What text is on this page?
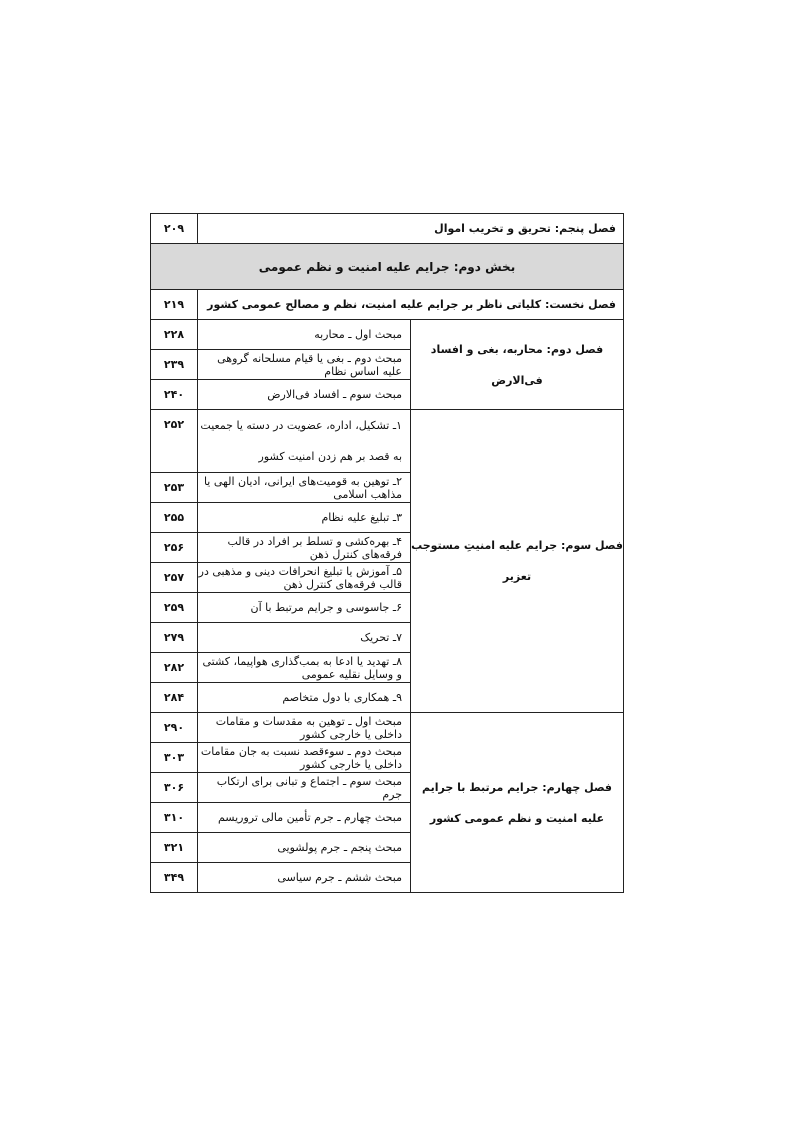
فصل پنجم: تحریق و تخریب اموال		۲۰۹
بخش دوم: جرایم علیه امنیت و نظم عمومی		
فصل نخست: کلیاتی ناظر بر جرایم علیه امنیت، نظم و مصالح عمومی کشور		۲۱۹
فصل دوم: محاربه، بغی و افساد فی‌الارض	مبحث اول ـ محاربه	۲۲۸
	مبحث دوم ـ بغی یا قیام مسلحانه گروهی علیه اساس نظام	۲۳۹
	مبحث سوم ـ افساد فی‌الارض	۲۴۰
فصل سوم: جرایم علیه امنیتِ مستوجب تعزیر	۱ـ تشکیل، اداره، عضویت در دسته یا جمعیت به قصد بر هم زدن امنیت کشور	۲۵۲
	۲ـ توهین به قومیت‌های ایرانی، ادیان الهی یا مذاهب اسلامی	۲۵۳
	۳ـ تبلیغ علیه نظام	۲۵۵
	۴ـ بهره‌کشی و تسلط بر افراد در قالب فرقه‌های کنترل ذهن	۲۵۶
	۵ـ آموزش یا تبلیغ انحرافات دینی و مذهبی در قالب فرقه‌های کنترل ذهن	۲۵۷
	۶ـ جاسوسی و جرایم مرتبط با آن	۲۵۹
	۷ـ تحریک	۲۷۹
	۸ـ تهدید یا ادعا به بمب‌گذاری هواپیما، کشتی و وسایل نقلیه عمومی	۲۸۲
	۹ـ همکاری با دول متخاصم	۲۸۴
فصل چهارم: جرایم مرتبط با جرایم علیه امنیت و نظم عمومی کشور	مبحث اول ـ توهین به مقدسات و مقامات داخلی یا خارجی کشور	۲۹۰
	مبحث دوم ـ سوءقصد نسبت به جان مقامات داخلی یا خارجی کشور	۳۰۳
	مبحث سوم ـ اجتماع و تبانی برای ارتکاب جرم	۳۰۶
	مبحث چهارم ـ جرم تأمین مالی تروریسم	۳۱۰
	مبحث پنجم ـ جرم پولشویی	۳۲۱
	مبحث ششم ـ جرم سیاسی	۳۴۹
